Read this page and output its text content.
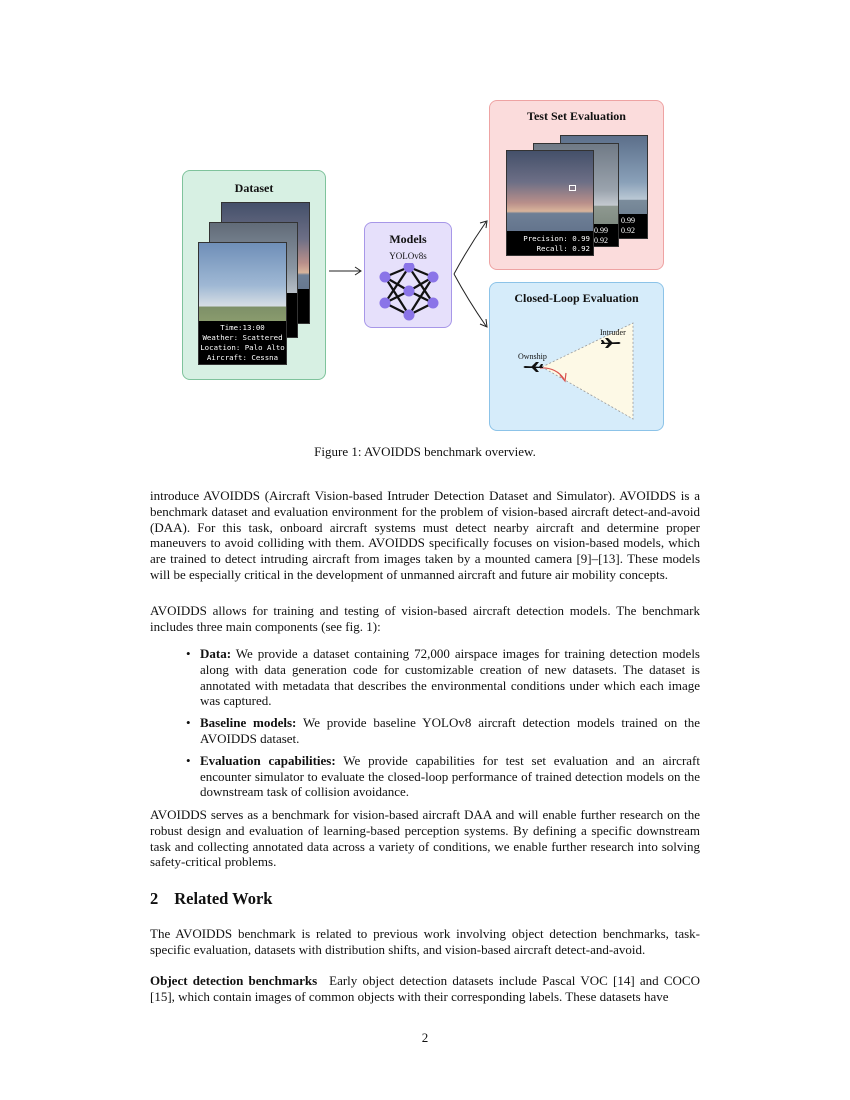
Dataset
Time:13:00
Weather: Scattered
Location: Palo Alto
Aircraft: Cessna
Models
YOLOv8s
Test Set Evaluation
0.99
0.92
0.99
0.92
Precision: 0.99
Recall: 0.92
Closed-Loop Evaluation
Intruder
Ownship
Figure 1: AVOIDDS benchmark overview.

introduce AVOIDDS (Aircraft Vision-based Intruder Detection Dataset and Simulator). AVOIDDS is a benchmark dataset and evaluation environment for the problem of vision-based aircraft detect-and-avoid (DAA). For this task, onboard aircraft systems must detect nearby aircraft and determine proper maneuvers to avoid colliding with them. AVOIDDS specifically focuses on vision-based models, which are trained to detect intruding aircraft from images taken by a mounted camera [9]–[13]. These models will be especially critical in the development of unmanned aircraft and future air mobility concepts.

AVOIDDS allows for training and testing of vision-based aircraft detection models. The benchmark includes three main components (see fig. 1):

• Data: We provide a dataset containing 72,000 airspace images for training detection models along with data generation code for customizable creation of new datasets. The dataset is annotated with metadata that describes the environmental conditions under which each image was captured.
• Baseline models: We provide baseline YOLOv8 aircraft detection models trained on the AVOIDDS dataset.
• Evaluation capabilities: We provide capabilities for test set evaluation and an aircraft encounter simulator to evaluate the closed-loop performance of trained detection models on the downstream task of collision avoidance.

AVOIDDS serves as a benchmark for vision-based aircraft DAA and will enable further research on the robust design and evaluation of learning-based perception systems. By defining a specific downstream task and collecting annotated data across a variety of conditions, we enable further research into solving safety-critical problems.

2 Related Work

The AVOIDDS benchmark is related to previous work involving object detection benchmarks, task-specific evaluation, datasets with distribution shifts, and vision-based aircraft detect-and-avoid.

Object detection benchmarks Early object detection datasets include Pascal VOC [14] and COCO [15], which contain images of common objects with their corresponding labels. These datasets have

2
